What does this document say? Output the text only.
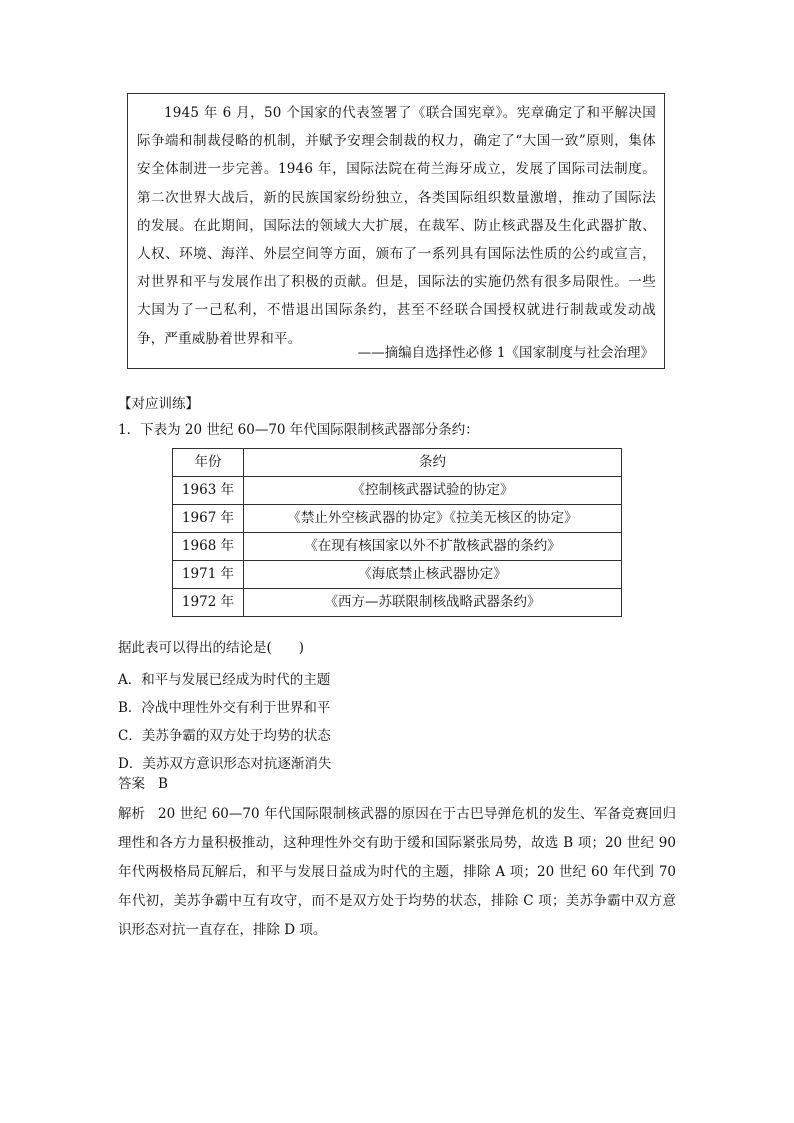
1945 年 6 月，50 个国家的代表签署了《联合国宪章》。宪章确定了和平解决国际争端和制裁侵略的机制，并赋予安理会制裁的权力，确定了“大国一致”原则，集体安全体制进一步完善。1946 年，国际法院在荷兰海牙成立，发展了国际司法制度。第二次世界大战后，新的民族国家纷纷独立，各类国际组织数量激增，推动了国际法的发展。在此期间，国际法的领域大大扩展，在裁军、防止核武器及生化武器扩散、人权、环境、海洋、外层空间等方面，颁布了一系列具有国际法性质的公约或宣言，对世界和平与发展作出了积极的贡献。但是，国际法的实施仍然有很多局限性。一些大国为了一己私利，不惜退出国际条约，甚至不经联合国授权就进行制裁或发动战争，严重威胁着世界和平。

——摘编自选择性必修 1《国家制度与社会治理》

【对应训练】

1．下表为 20 世纪 60—70 年代国际限制核武器部分条约：

年份	条约
1963 年	《控制核武器试验的协定》
1967 年	《禁止外空核武器的协定》《拉美无核区的协定》
1968 年	《在现有核国家以外不扩散核武器的条约》
1971 年	《海底禁止核武器协定》
1972 年	《西方—苏联限制核战略武器条约》

据此表可以得出的结论是(　　)

A．和平与发展已经成为时代的主题
B．冷战中理性外交有利于世界和平
C．美苏争霸的双方处于均势的状态
D．美苏双方意识形态对抗逐渐消失

答案 B

解析 20 世纪 60—70 年代国际限制核武器的原因在于古巴导弹危机的发生、军备竞赛回归理性和各方力量积极推动，这种理性外交有助于缓和国际紧张局势，故选 B 项；20 世纪 90 年代两极格局瓦解后，和平与发展日益成为时代的主题，排除 A 项；20 世纪 60 年代到 70 年代初，美苏争霸中互有攻守，而不是双方处于均势的状态，排除 C 项；美苏争霸中双方意识形态对抗一直存在，排除 D 项。
